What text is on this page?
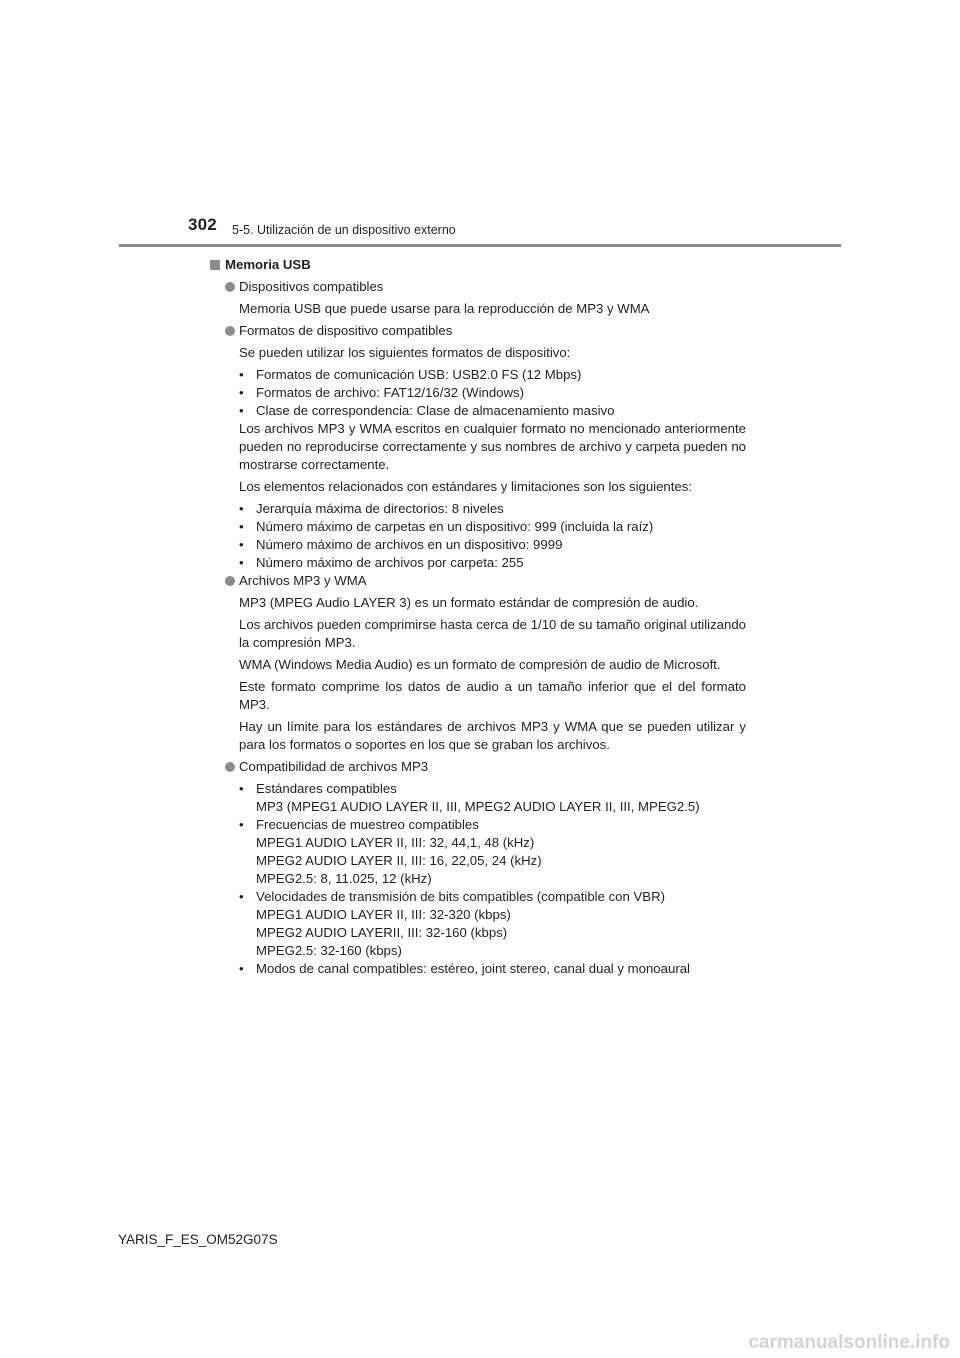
302 5-5. Utilización de un dispositivo externo
Memoria USB
Dispositivos compatibles
Memoria USB que puede usarse para la reproducción de MP3 y WMA
Formatos de dispositivo compatibles
Se pueden utilizar los siguientes formatos de dispositivo:
• Formatos de comunicación USB: USB2.0 FS (12 Mbps)
• Formatos de archivo: FAT12/16/32 (Windows)
• Clase de correspondencia: Clase de almacenamiento masivo
Los archivos MP3 y WMA escritos en cualquier formato no mencionado anteriormente pueden no reproducirse correctamente y sus nombres de archivo y carpeta pueden no mostrarse correctamente.
Los elementos relacionados con estándares y limitaciones son los siguientes:
• Jerarquía máxima de directorios: 8 niveles
• Número máximo de carpetas en un dispositivo: 999 (incluida la raíz)
• Número máximo de archivos en un dispositivo: 9999
• Número máximo de archivos por carpeta: 255
Archivos MP3 y WMA
MP3 (MPEG Audio LAYER 3) es un formato estándar de compresión de audio.
Los archivos pueden comprimirse hasta cerca de 1/10 de su tamaño original utilizando la compresión MP3.
WMA (Windows Media Audio) es un formato de compresión de audio de Microsoft.
Este formato comprime los datos de audio a un tamaño inferior que el del formato MP3.
Hay un límite para los estándares de archivos MP3 y WMA que se pueden utilizar y para los formatos o soportes en los que se graban los archivos.
Compatibilidad de archivos MP3
• Estándares compatibles
MP3 (MPEG1 AUDIO LAYER II, III, MPEG2 AUDIO LAYER II, III, MPEG2.5)
• Frecuencias de muestreo compatibles
MPEG1 AUDIO LAYER II, III: 32, 44,1, 48 (kHz)
MPEG2 AUDIO LAYER II, III: 16, 22,05, 24 (kHz)
MPEG2.5: 8, 11.025, 12 (kHz)
• Velocidades de transmisión de bits compatibles (compatible con VBR)
MPEG1 AUDIO LAYER II, III: 32-320 (kbps)
MPEG2 AUDIO LAYERII, III: 32-160 (kbps)
MPEG2.5: 32-160 (kbps)
• Modos de canal compatibles: estéreo, joint stereo, canal dual y monoaural
YARIS_F_ES_OM52G07S
carmanualsonline.info
